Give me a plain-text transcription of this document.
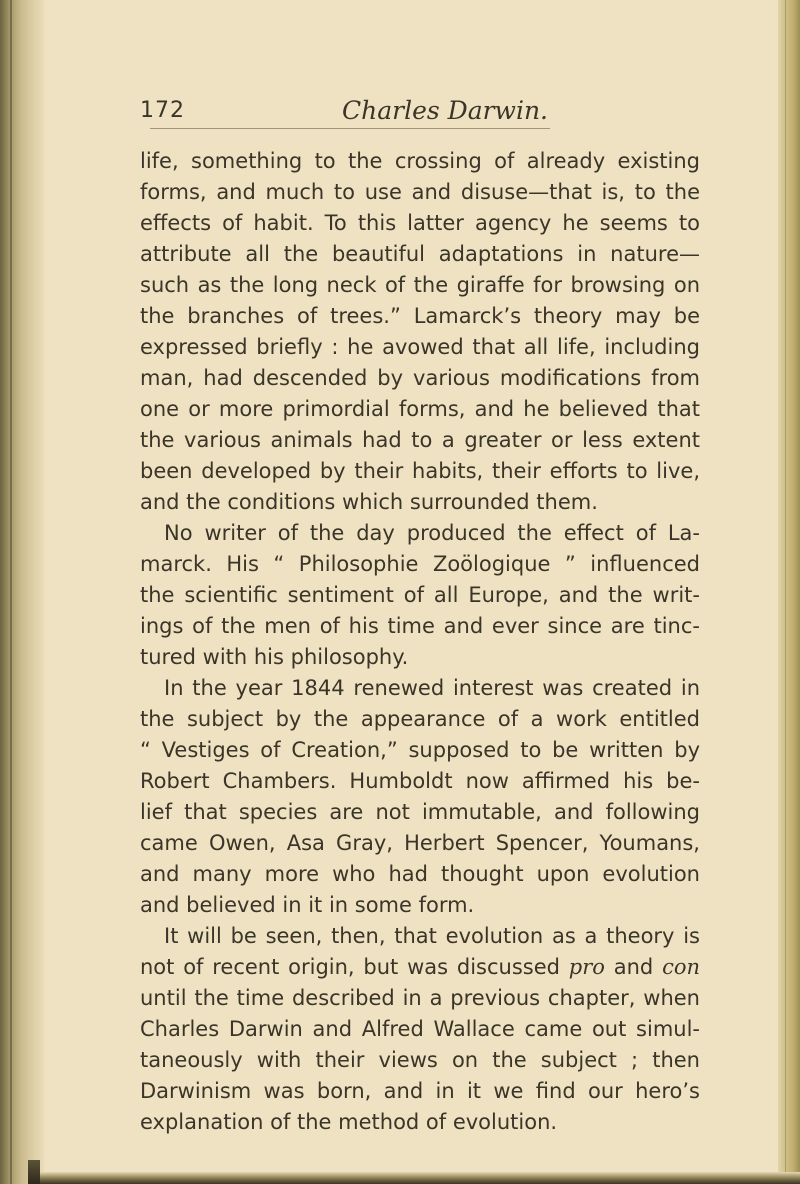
172	Charles Darwin.
life, something to the crossing of already existing
forms, and much to use and disuse—that is, to the
effects of habit. To this latter agency he seems to
attribute all the beautiful adaptations in nature—
such as the long neck of the giraffe for browsing on
the branches of trees.” Lamarck’s theory may be
expressed briefly : he avowed that all life, including
man, had descended by various modifications from
one or more primordial forms, and he believed that
the various animals had to a greater or less extent
been developed by their habits, their efforts to live,
and the conditions which surrounded them.
No writer of the day produced the effect of La-
marck. His “ Philosophie Zoölogique ” influenced
the scientific sentiment of all Europe, and the writ-
ings of the men of his time and ever since are tinc-
tured with his philosophy.
In the year 1844 renewed interest was created in
the subject by the appearance of a work entitled
“ Vestiges of Creation,” supposed to be written by
Robert Chambers. Humboldt now affirmed his be-
lief that species are not immutable, and following
came Owen, Asa Gray, Herbert Spencer, Youmans,
and many more who had thought upon evolution
and believed in it in some form.
It will be seen, then, that evolution as a theory is
not of recent origin, but was discussed pro and con
until the time described in a previous chapter, when
Charles Darwin and Alfred Wallace came out simul-
taneously with their views on the subject ; then
Darwinism was born, and in it we find our hero’s
explanation of the method of evolution.
